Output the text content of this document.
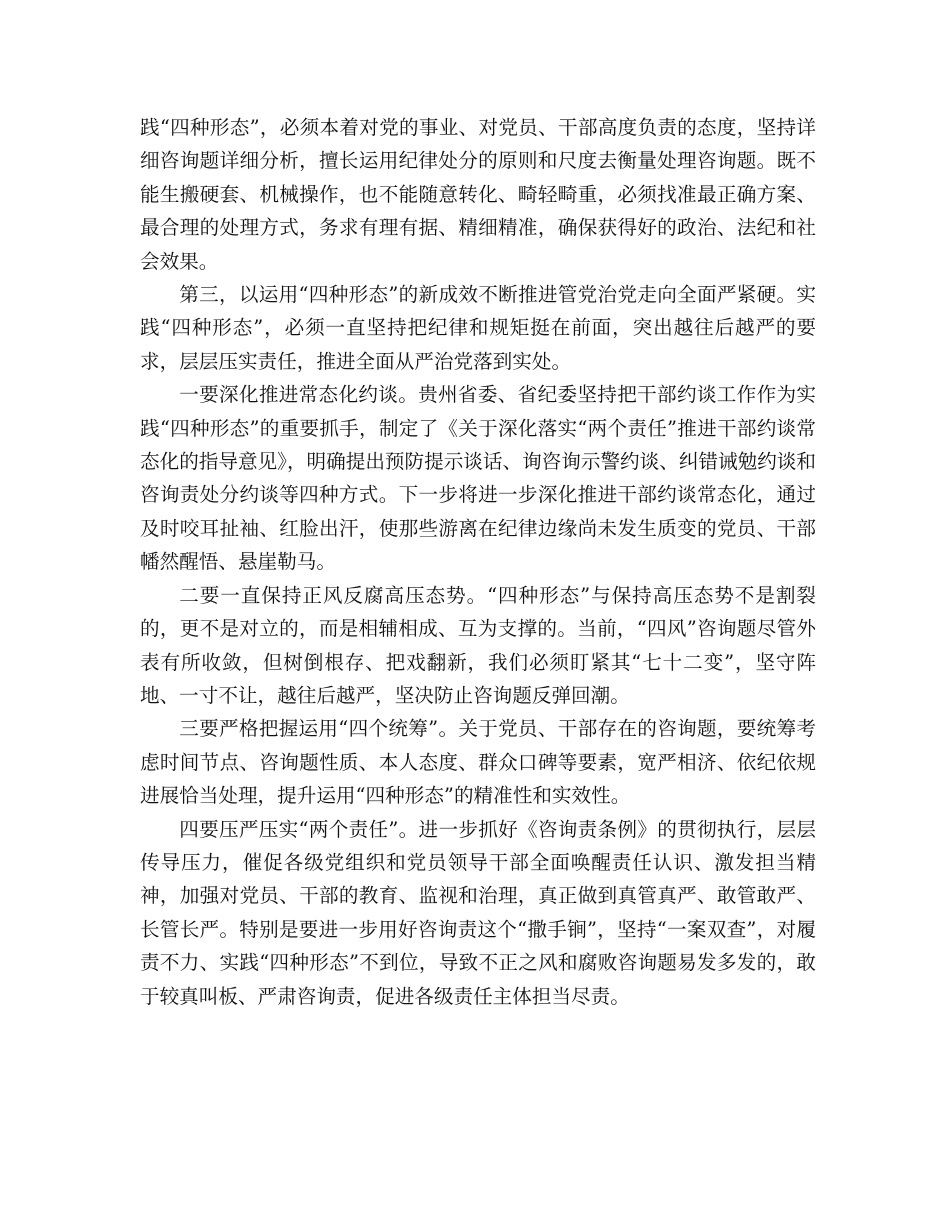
践“四种形态”，必须本着对党的事业、对党员、干部高度负责的态度，坚持详细咨询题详细分析，擅长运用纪律处分的原则和尺度去衡量处理咨询题。既不能生搬硬套、机械操作，也不能随意转化、畸轻畸重，必须找准最正确方案、最合理的处理方式，务求有理有据、精细精准，确保获得好的政治、法纪和社会效果。

第三，以运用“四种形态”的新成效不断推进管党治党走向全面严紧硬。实践“四种形态”，必须一直坚持把纪律和规矩挺在前面，突出越往后越严的要求，层层压实责任，推进全面从严治党落到实处。

一要深化推进常态化约谈。贵州省委、省纪委坚持把干部约谈工作作为实践“四种形态”的重要抓手，制定了《关于深化落实“两个责任”推进干部约谈常态化的指导意见》，明确提出预防提示谈话、询咨询示警约谈、纠错诫勉约谈和咨询责处分约谈等四种方式。下一步将进一步深化推进干部约谈常态化，通过及时咬耳扯袖、红脸出汗，使那些游离在纪律边缘尚未发生质变的党员、干部幡然醒悟、悬崖勒马。

二要一直保持正风反腐高压态势。“四种形态”与保持高压态势不是割裂的，更不是对立的，而是相辅相成、互为支撑的。当前，“四风”咨询题尽管外表有所收敛，但树倒根存、把戏翻新，我们必须盯紧其“七十二变”，坚守阵地、一寸不让，越往后越严，坚决防止咨询题反弹回潮。

三要严格把握运用“四个统筹”。关于党员、干部存在的咨询题，要统筹考虑时间节点、咨询题性质、本人态度、群众口碑等要素，宽严相济、依纪依规进展恰当处理，提升运用“四种形态”的精准性和实效性。

四要压严压实“两个责任”。进一步抓好《咨询责条例》的贯彻执行，层层传导压力，催促各级党组织和党员领导干部全面唤醒责任认识、激发担当精神，加强对党员、干部的教育、监视和治理，真正做到真管真严、敢管敢严、长管长严。特别是要进一步用好咨询责这个“撒手锏”，坚持“一案双查”，对履责不力、实践“四种形态”不到位，导致不正之风和腐败咨询题易发多发的，敢于较真叫板、严肃咨询责，促进各级责任主体担当尽责。
